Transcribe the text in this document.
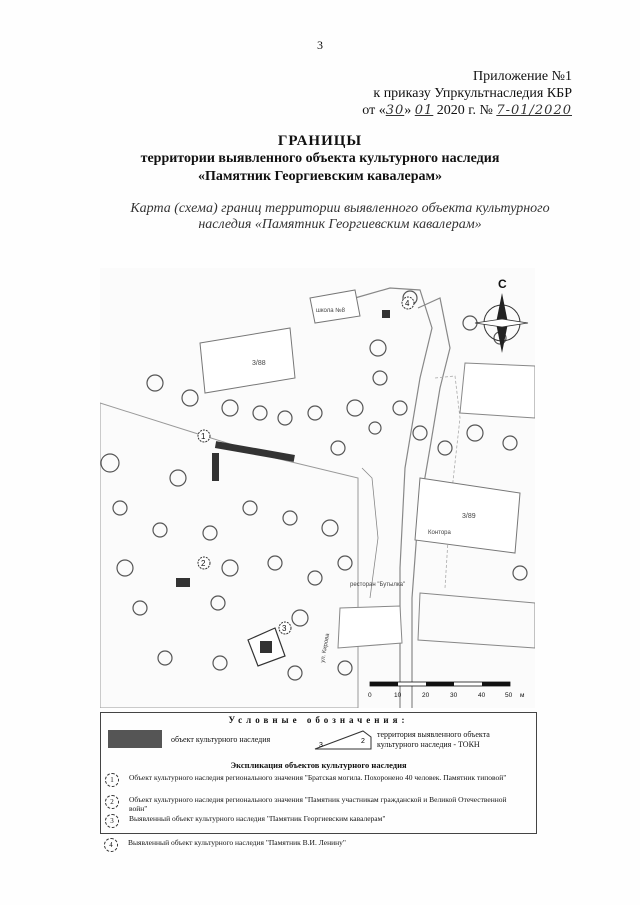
3
Приложение №1
к приказу Упркультнаследия КБР
от «30» 01 2020 г. № 7-01/2020
ГРАНИЦЫ
территории выявленного объекта культурного наследия
«Памятник Георгиевским кавалерам»
Карта (схема) границ территории выявленного объекта культурного
наследия «Памятник Георгиевским кавалерам»
3/88
школа №8
3/89
Контора
ресторан "Бутылка"
ул. Кирова
С
1
2
3
4
0	10	20	30	40	50 м
Условные обозначения:
объект культурного наследия
3
2
территория выявленного объекта культурного наследия - ТОКН
Экспликация объектов культурного наследия
1	Объект культурного наследия регионального значения "Братская могила. Похоронено 40 человек. Памятник типовой"
2	Объект культурного наследия регионального значения "Памятник участникам гражданской и Великой Отечественной войн"
3	Выявленный объект культурного наследия "Памятник Георгиевским кавалерам"
4	Выявленный объект культурного наследия "Памятник В.И. Ленину"
